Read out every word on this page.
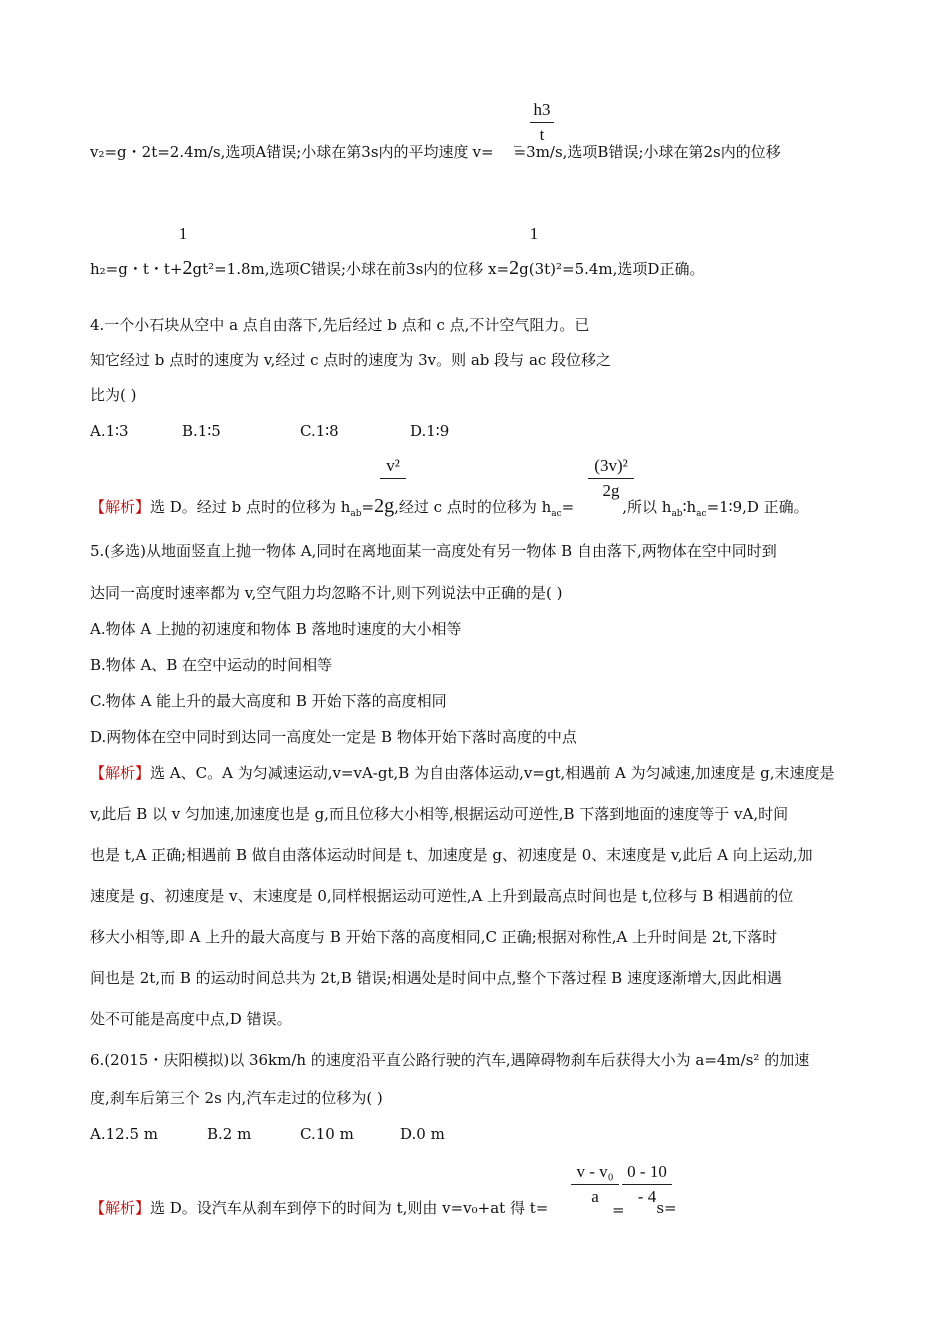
h3
t
_
v₂=g・2t=2.4m/s,选项A错误;小球在第3s内的平均速度 v= =3m/s,选项B错误;小球在第2s内的位移
1	1
h₂=g・t・t+2gt²=1.8m,选项C错误;小球在前3s内的位移 x=2g(3t)²=5.4m,选项D正确。
4.一个小石块从空中 a 点自由落下,先后经过 b 点和 c 点,不计空气阻力。已
知它经过 b 点时的速度为 v,经过 c 点时的速度为 3v。则 ab 段与 ac 段位移之
比为( )
A.1∶3	B.1∶5	C.1∶8	D.1∶9
v²	(3v)²
2g
【解析】选 D。经过 b 点时的位移为 $h_{ab}=2g$,经过 c 点时的位移为 $h_{ac}=$	,所以 $h_{ab}∶h_{ac}=1∶9,D$ 正确。
5.(多选)从地面竖直上抛一物体 A,同时在离地面某一高度处有另一物体 B 自由落下,两物体在空中同时到
达同一高度时速率都为 v,空气阻力均忽略不计,则下列说法中正确的是( )
A.物体 A 上抛的初速度和物体 B 落地时速度的大小相等
B.物体 A、B 在空中运动的时间相等
C.物体 A 能上升的最大高度和 B 开始下落的高度相同
D.两物体在空中同时到达同一高度处一定是 B 物体开始下落时高度的中点
【解析】选 A、C。A 为匀减速运动,v=vA-gt,B 为自由落体运动,v=gt,相遇前 A 为匀减速,加速度是 g,末速度是
v,此后 B 以 v 匀加速,加速度也是 g,而且位移大小相等,根据运动可逆性,B 下落到地面的速度等于 vA,时间
也是 t,A 正确;相遇前 B 做自由落体运动时间是 t、加速度是 g、初速度是 0、末速度是 v,此后 A 向上运动,加
速度是 g、初速度是 v、末速度是 0,同样根据运动可逆性,A 上升到最高点时间也是 t,位移与 B 相遇前的位
移大小相等,即 A 上升的最大高度与 B 开始下落的高度相同,C 正确;根据对称性,A 上升时间是 2t,下落时
间也是 2t,而 B 的运动时间总共为 2t,B 错误;相遇处是时间中点,整个下落过程 B 速度逐渐增大,因此相遇
处不可能是高度中点,D 错误。
6.(2015・庆阳模拟)以 36km/h 的速度沿平直公路行驶的汽车,遇障碍物刹车后获得大小为 a=4m/s² 的加速
度,刹车后第三个 2s 内,汽车走过的位移为( )
A.12.5 m	B.2 m	C.10 m	D.0 m
v - v₀
a
0 - 10
- 4
=
【解析】选 D。设汽车从刹车到停下的时间为 t,则由 v=v₀+at 得 t=	s=
